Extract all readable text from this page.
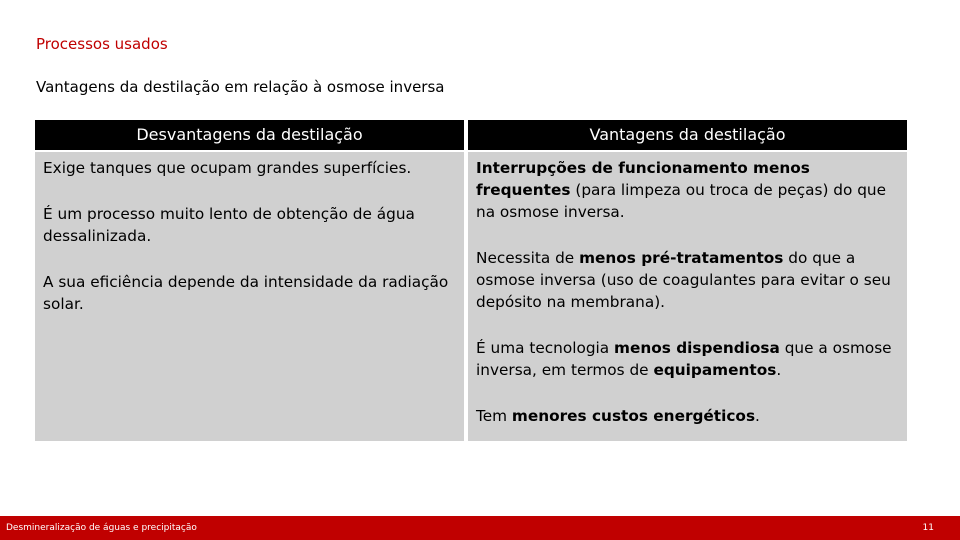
Processos usados
Vantagens da destilação em relação à osmose inversa
Desvantagens da destilação	Vantagens da destilação

Exige tanques que ocupam grandes superfícies.

É um processo muito lento de obtenção de água dessalinizada.

A sua eficiência depende da intensidade da radiação solar.

Interrupções de funcionamento menos frequentes (para limpeza ou troca de peças) do que na osmose inversa.

Necessita de menos pré-tratamentos do que a osmose inversa (uso de coagulantes para evitar o seu depósito na membrana).

É uma tecnologia menos dispendiosa que a osmose inversa, em termos de equipamentos.

Tem menores custos energéticos.

Desmineralização de águas e precipitação	11
